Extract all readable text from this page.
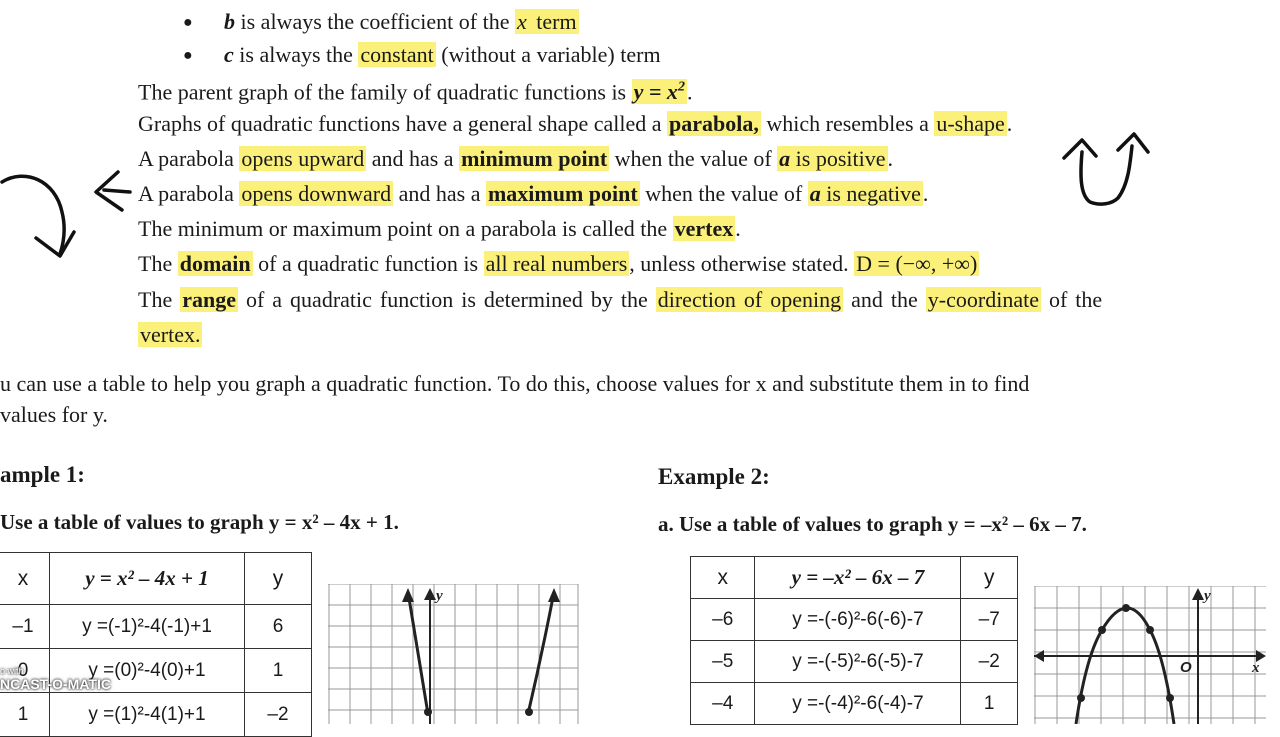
● b is always the coefficient of the x term
● c is always the constant (without a variable) term
The parent graph of the family of quadratic functions is $y = x^2$.
Graphs of quadratic functions have a general shape called a parabola, which resembles a u-shape.
A parabola opens upward and has a minimum point when the value of a is positive.
A parabola opens downward and has a maximum point when the value of a is negative.
The minimum or maximum point on a parabola is called the vertex.
The domain of a quadratic function is all real numbers, unless otherwise stated. D = (−∞, +∞)
The range of a quadratic function is determined by the direction of opening and the y-coordinate of the
vertex.
u can use a table to help you graph a quadratic function. To do this, choose values for x and substitute them in to find
values for y.
ample 1:
Use a table of values to graph y = x² – 4x + 1.
x	y = x² – 4x + 1	y
–1	y =(-1)²-4(-1)+1	6
0	y =(0)²-4(0)+1	1
1	y =(1)²-4(1)+1	–2
y
Example 2:
a. Use a table of values to graph y = –x² – 6x – 7.
x	y = –x² – 6x – 7	y
–6	y =-(-6)²-6(-6)-7	–7
–5	y =-(-5)²-6(-5)-7	–2
–4	y =-(-4)²-6(-4)-7	1
y
x
O
o with
NCAST-O-MATIC
